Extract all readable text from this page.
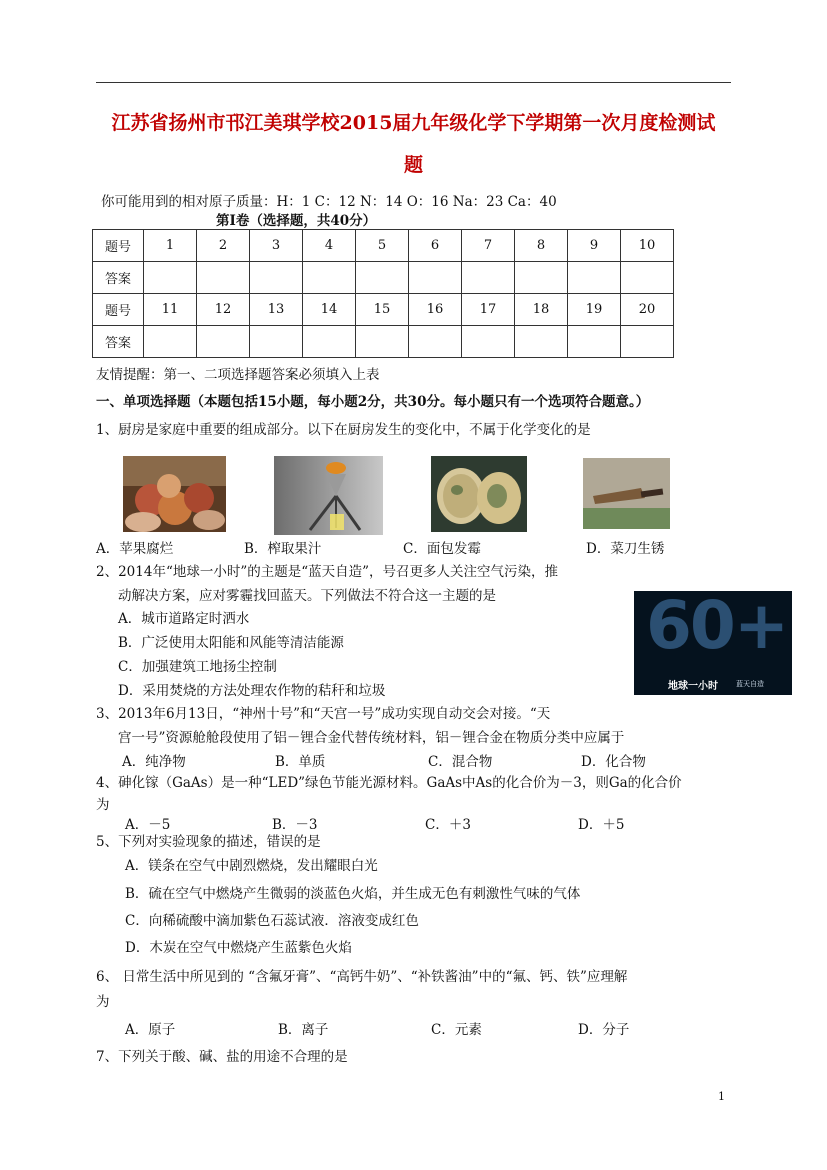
江苏省扬州市邗江美琪学校2015届九年级化学下学期第一次月度检测试
题
你可能用到的相对原子质量：H：1 C：12 N：14 O：16 Na：23 Ca：40
第Ⅰ卷（选择题，共40分）
题号	1	2	3	4	5	6	7	8	9	10
答案										
题号	11	12	13	14	15	16	17	18	19	20
答案										
友情提醒：第一、二项选择题答案必须填入上表
一、单项选择题（本题包括15小题，每小题2分，共30分。每小题只有一个选项符合题意。）
1、厨房是家庭中重要的组成部分。以下在厨房发生的变化中，不属于化学变化的是
A．苹果腐烂	B．榨取果汁	C．面包发霉	D．菜刀生锈
2、2014年“地球一小时”的主题是“蓝天自造”，号召更多人关注空气污染，推
动解决方案，应对雾霾找回蓝天。下列做法不符合这一主题的是
A．城市道路定时洒水
B．广泛使用太阳能和风能等清洁能源
C．加强建筑工地扬尘控制
D．采用焚烧的方法处理农作物的秸秆和垃圾
60+
地球一小时	蓝天自造
3、2013年6月13日，“神州十号”和“天宫一号”成功实现自动交会对接。“天
宫一号”资源舱舱段使用了铝－锂合金代替传统材料，铝－锂合金在物质分类中应属于
A．纯净物	B．单质	C．混合物	D．化合物
4、砷化镓（GaAs）是一种“LED”绿色节能光源材料。GaAs中As的化合价为－3，则Ga的化合价
为
A．－5	B．－3	C．＋3	D．＋5
5、下列对实验现象的描述，错误的是
A．镁条在空气中剧烈燃烧，发出耀眼白光
B．硫在空气中燃烧产生微弱的淡蓝色火焰，并生成无色有刺激性气味的气体
C．向稀硫酸中滴加紫色石蕊试液．溶液变成红色
D．木炭在空气中燃烧产生蓝紫色火焰
6、 日常生活中所见到的 “含氟牙膏”、“高钙牛奶”、“补铁酱油”中的“氟、钙、铁”应理解
为
A．原子	B．离子	C．元素	D．分子
7、下列关于酸、碱、盐的用途不合理的是
1
